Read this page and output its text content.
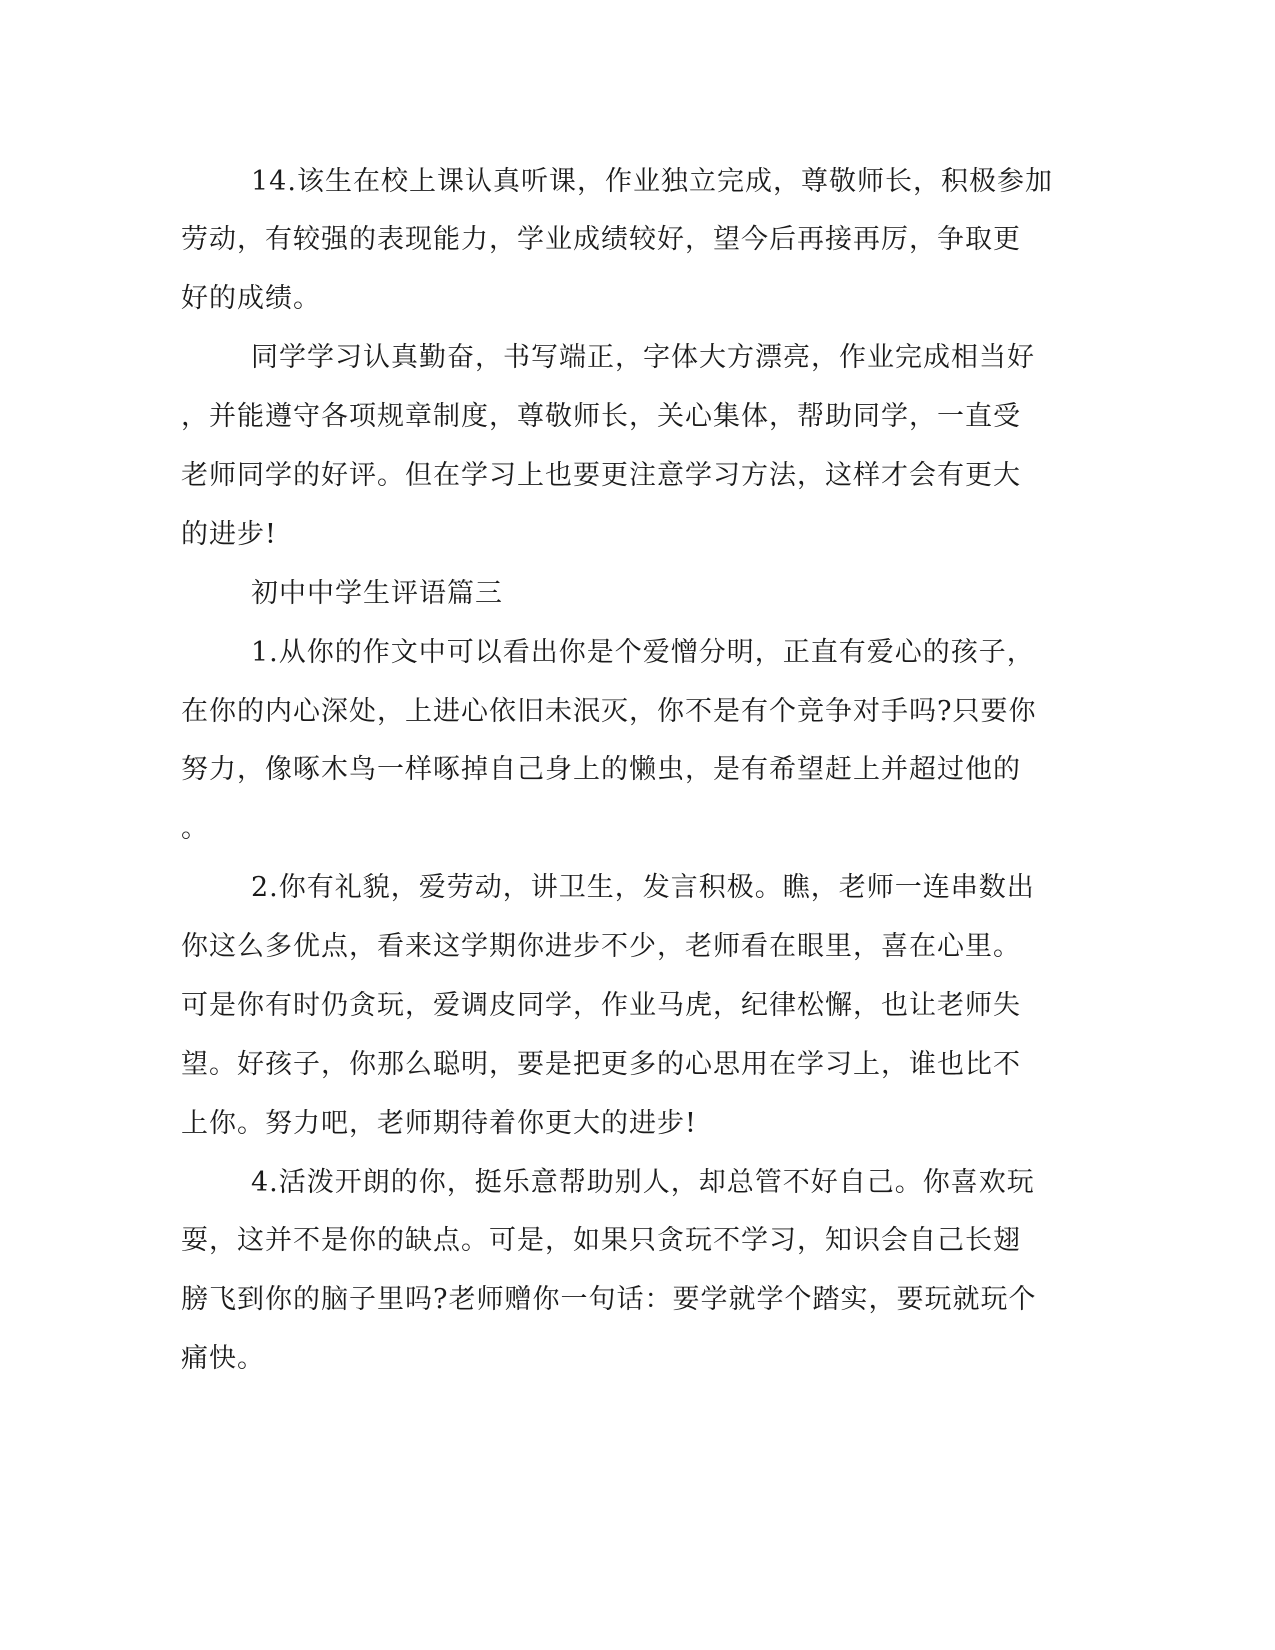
14.该生在校上课认真听课，作业独立完成，尊敬师长，积极参加

劳动，有较强的表现能力，学业成绩较好，望今后再接再厉，争取更

好的成绩。

同学学习认真勤奋，书写端正，字体大方漂亮，作业完成相当好

，并能遵守各项规章制度，尊敬师长，关心集体，帮助同学，一直受

老师同学的好评。但在学习上也要更注意学习方法，这样才会有更大

的进步!

初中中学生评语篇三

1.从你的作文中可以看出你是个爱憎分明，正直有爱心的孩子，

在你的内心深处，上进心依旧未泯灭，你不是有个竞争对手吗?只要你

努力，像啄木鸟一样啄掉自己身上的懒虫，是有希望赶上并超过他的

。

2.你有礼貌，爱劳动，讲卫生，发言积极。瞧，老师一连串数出

你这么多优点，看来这学期你进步不少，老师看在眼里，喜在心里。

可是你有时仍贪玩，爱调皮同学，作业马虎，纪律松懈，也让老师失

望。好孩子，你那么聪明，要是把更多的心思用在学习上，谁也比不

上你。努力吧，老师期待着你更大的进步!

4.活泼开朗的你，挺乐意帮助别人，却总管不好自己。你喜欢玩

耍，这并不是你的缺点。可是，如果只贪玩不学习，知识会自己长翅

膀飞到你的脑子里吗?老师赠你一句话：要学就学个踏实，要玩就玩个

痛快。
